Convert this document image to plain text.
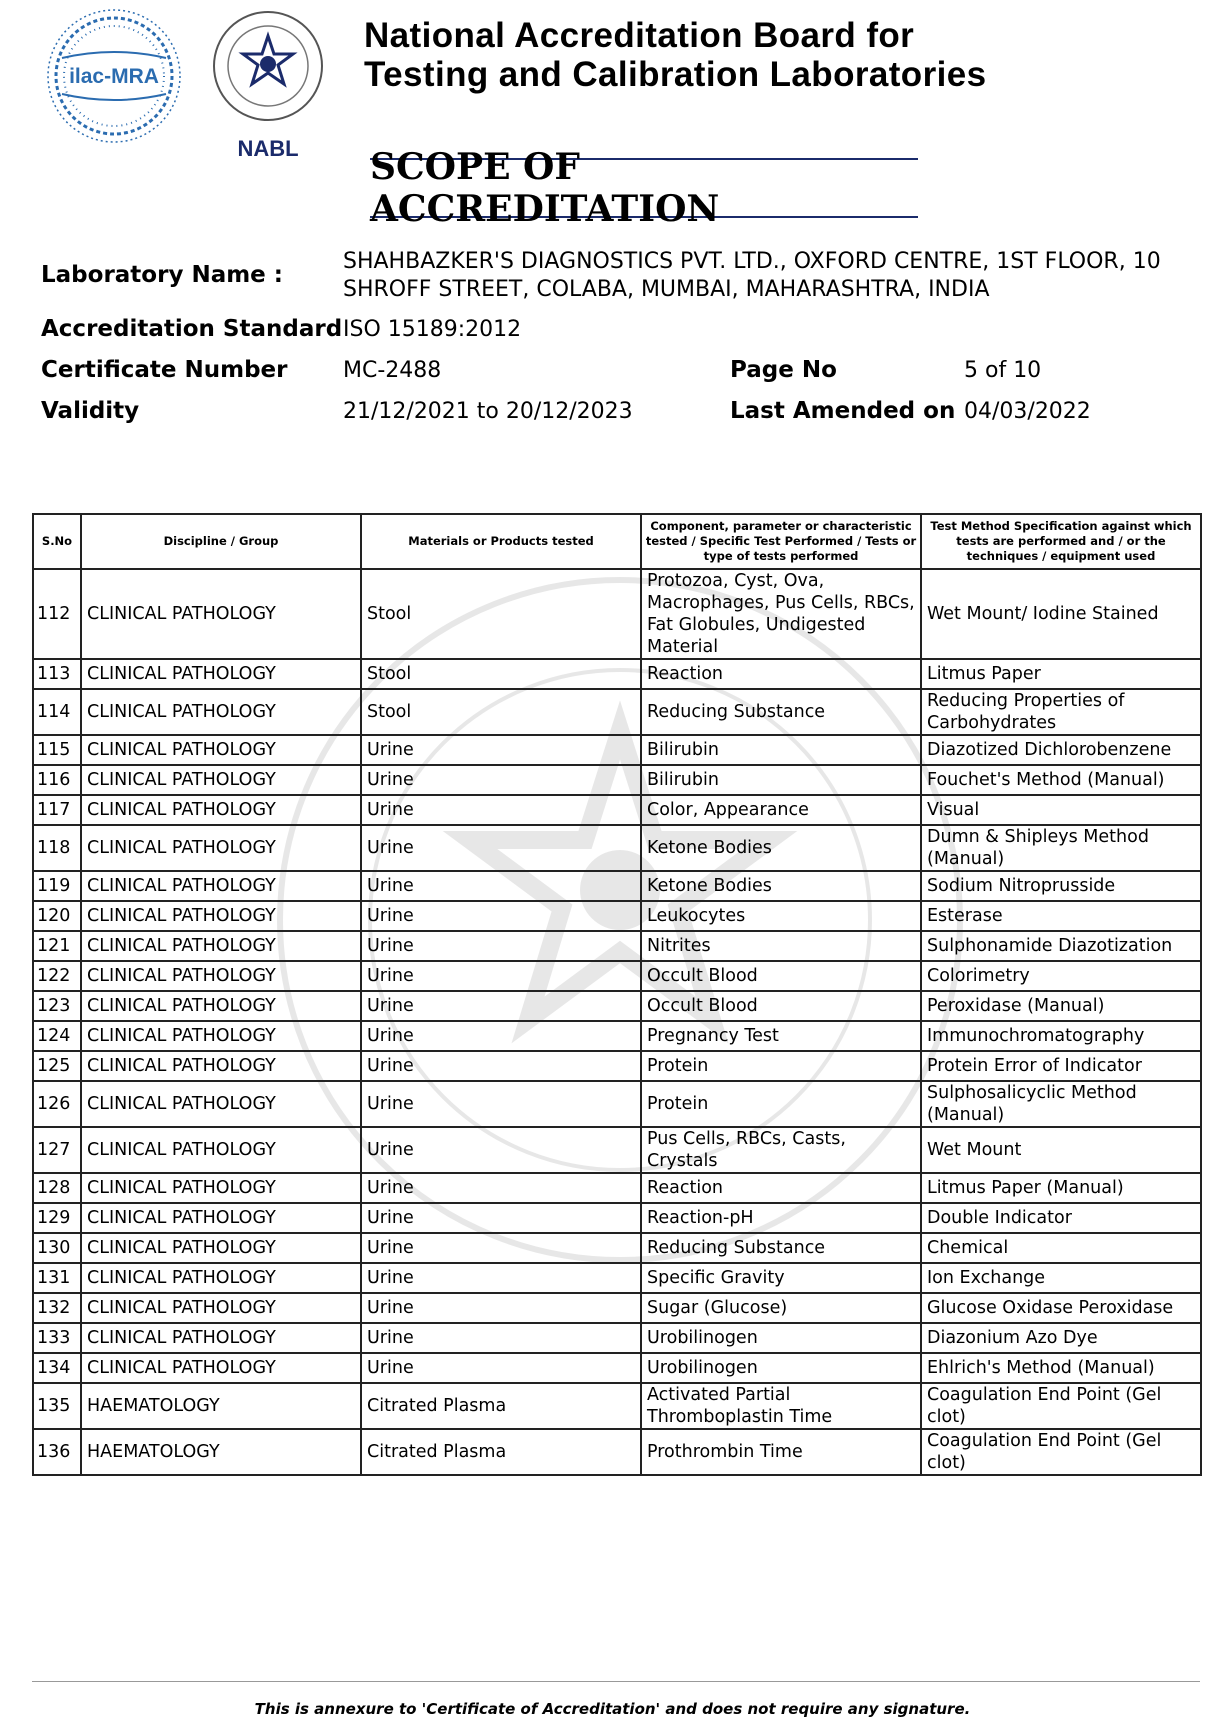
ilac-MRA
NABL
National Accreditation Board for
Testing and Calibration Laboratories
SCOPE OF ACCREDITATION
Laboratory Name :
SHAHBAZKER'S DIAGNOSTICS PVT. LTD., OXFORD CENTRE, 1ST FLOOR, 10
SHROFF STREET, COLABA, MUMBAI, MAHARASHTRA, INDIA
Accreditation Standard ISO 15189:2012
Certificate Number	MC-2488	Page No	5 of 10
Validity	21/12/2021 to 20/12/2023	Last Amended on 04/03/2022
S.No	Discipline / Group	Materials or Products tested	Component, parameter or characteristic tested / Specific Test Performed / Tests or type of tests performed	Test Method Specification against which tests are performed and / or the techniques / equipment used
112	CLINICAL PATHOLOGY	Stool	Protozoa, Cyst, Ova, Macrophages, Pus Cells, RBCs, Fat Globules, Undigested Material	Wet Mount/ Iodine Stained
113	CLINICAL PATHOLOGY	Stool	Reaction	Litmus Paper
114	CLINICAL PATHOLOGY	Stool	Reducing Substance	Reducing Properties of Carbohydrates
115	CLINICAL PATHOLOGY	Urine	Bilirubin	Diazotized Dichlorobenzene
116	CLINICAL PATHOLOGY	Urine	Bilirubin	Fouchet's Method (Manual)
117	CLINICAL PATHOLOGY	Urine	Color, Appearance	Visual
118	CLINICAL PATHOLOGY	Urine	Ketone Bodies	Dumn & Shipleys Method (Manual)
119	CLINICAL PATHOLOGY	Urine	Ketone Bodies	Sodium Nitroprusside
120	CLINICAL PATHOLOGY	Urine	Leukocytes	Esterase
121	CLINICAL PATHOLOGY	Urine	Nitrites	Sulphonamide Diazotization
122	CLINICAL PATHOLOGY	Urine	Occult Blood	Colorimetry
123	CLINICAL PATHOLOGY	Urine	Occult Blood	Peroxidase (Manual)
124	CLINICAL PATHOLOGY	Urine	Pregnancy Test	Immunochromatography
125	CLINICAL PATHOLOGY	Urine	Protein	Protein Error of Indicator
126	CLINICAL PATHOLOGY	Urine	Protein	Sulphosalicyclic Method (Manual)
127	CLINICAL PATHOLOGY	Urine	Pus Cells, RBCs, Casts, Crystals	Wet Mount
128	CLINICAL PATHOLOGY	Urine	Reaction	Litmus Paper (Manual)
129	CLINICAL PATHOLOGY	Urine	Reaction-pH	Double Indicator
130	CLINICAL PATHOLOGY	Urine	Reducing Substance	Chemical
131	CLINICAL PATHOLOGY	Urine	Specific Gravity	Ion Exchange
132	CLINICAL PATHOLOGY	Urine	Sugar (Glucose)	Glucose Oxidase Peroxidase
133	CLINICAL PATHOLOGY	Urine	Urobilinogen	Diazonium Azo Dye
134	CLINICAL PATHOLOGY	Urine	Urobilinogen	Ehlrich's Method (Manual)
135	HAEMATOLOGY	Citrated Plasma	Activated Partial Thromboplastin Time	Coagulation End Point (Gel clot)
136	HAEMATOLOGY	Citrated Plasma	Prothrombin Time	Coagulation End Point (Gel clot)
This is annexure to 'Certificate of Accreditation' and does not require any signature.
